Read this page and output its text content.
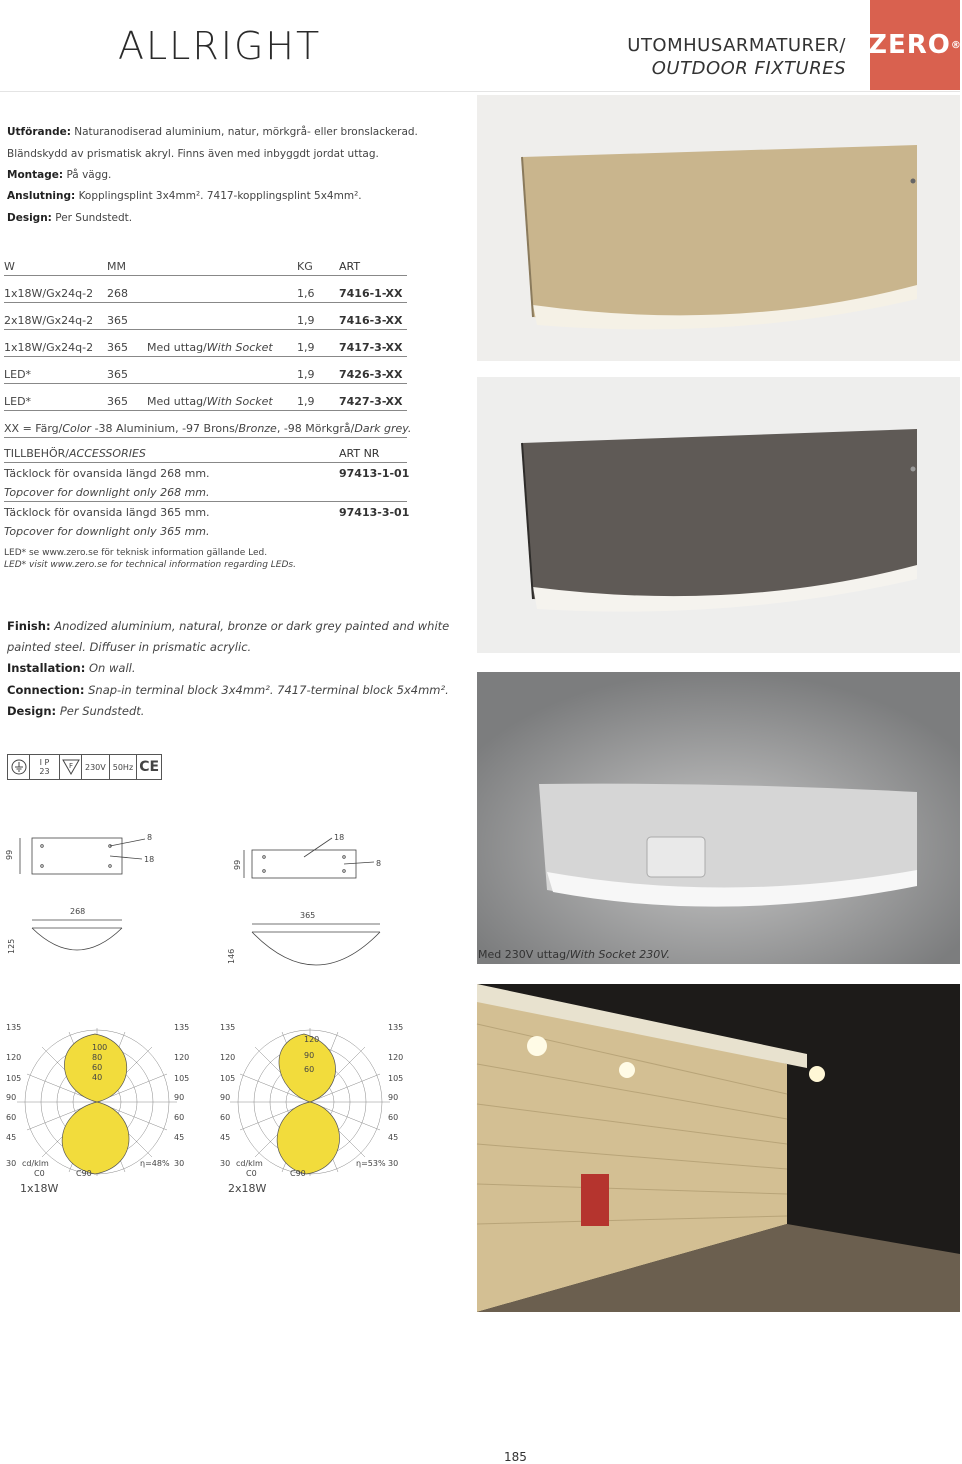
ALLRIGHT	UTOMHUSARMATURER/
OUTDOOR FIXTURES
ZERO ®
Utförande: Naturanodiserad aluminium, natur, mörkgrå- eller bronslackerad.
Bländskydd av prismatisk akryl. Finns även med inbyggdt jordat uttag.
Montage: På vägg.
Anslutning: Kopplingsplint 3x4mm². 7417-kopplingsplint 5x4mm².
Design: Per Sundstedt.
W	MM	KG ART
1x18W/Gx24q-2 268	1,6 7416-1-XX
2x18W/Gx24q-2 365	1,9 7416-3-XX
1x18W/Gx24q-2 365 Med uttag/With Socket 1,9 7417-3-XX
LED*	365	1,9 7426-3-XX
LED*	365 Med uttag/With Socket 1,9 7427-3-XX
XX = Färg/Color -38 Aluminium, -97 Brons/Bronze, -98 Mörkgrå/Dark grey.
TILLBEHÖR/ACCESSORIES	ART NR
Täcklock för ovansida längd 268 mm.	97413-1-01
Topcover for downlight only 268 mm.
Täcklock för ovansida längd 365 mm.	97413-3-01
Topcover for downlight only 365 mm.
LED* se www.zero.se för teknisk information gällande Led.
LED* visit www.zero.se for technical information regarding LEDs.
Finish: Anodized aluminium, natural, bronze or dark grey painted and white
painted steel. Diffuser in prismatic acrylic.
Installation: On wall.
Connection: Snap-in terminal block 3x4mm². 7417-terminal block 5x4mm².
Design: Per Sundstedt.
I P
23
F	230V 50Hz CE
99
8
18
99
18
8
268	365
125
146
100
80
60
40
135
120
105
90
60
45
30
135
120
105
90
60
45
30
cd/klm	η=48%
C0	C90
1x18W
120
90
60
135
120
105
90
60
45
30
135
120
105
90
60
45
30
cd/klm	η=53%
C0	C90
2x18W
Med 230V uttag/With Socket 230V.
185
